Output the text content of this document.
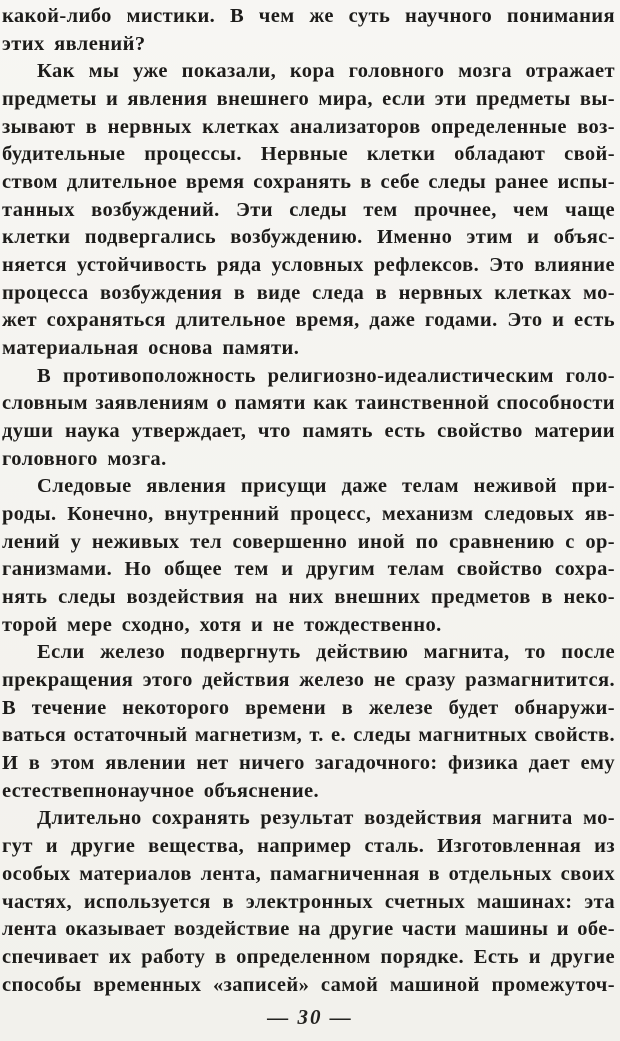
какой-либо мистики. В чем же суть научного понимания
этих явлений?
Как мы уже показали, кора головного мозга отражает
предметы и явления внешнего мира, если эти предметы вы-
зывают в нервных клетках анализаторов определенные воз-
будительные процессы. Нервные клетки обладают свой-
ством длительное время сохранять в себе следы ранее испы-
танных возбуждений. Эти следы тем прочнее, чем чаще
клетки подвергались возбуждению. Именно этим и объяс-
няется устойчивость ряда условных рефлексов. Это влияние
процесса возбуждения в виде следа в нервных клетках мо-
жет сохраняться длительное время, даже годами. Это и есть
материальная основа памяти.
В противоположность религиозно-идеалистическим голо-
словным заявлениям о памяти как таинственной способности
души наука утверждает, что память есть свойство материи
головного мозга.
Следовые явления присущи даже телам неживой при-
роды. Конечно, внутренний процесс, механизм следовых яв-
лений у неживых тел совершенно иной по сравнению с ор-
ганизмами. Но общее тем и другим телам свойство сохра-
нять следы воздействия на них внешних предметов в неко-
торой мере сходно, хотя и не тождественно.
Если железо подвергнуть действию магнита, то после
прекращения этого действия железо не сразу размагнитится.
В течение некоторого времени в железе будет обнаружи-
ваться остаточный магнетизм, т. е. следы магнитных свойств.
И в этом явлении нет ничего загадочного: физика дает ему
естествепнонаучное объяснение.
Длительно сохранять результат воздействия магнита мо-
гут и другие вещества, например сталь. Изготовленная из
особых материалов лента, памагниченная в отдельных своих
частях, используется в электронных счетных машинах: эта
лента оказывает воздействие на другие части машины и обе-
спечивает их работу в определенном порядке. Есть и другие
способы временных «записей» самой машиной промежуточ-
— 30 —
